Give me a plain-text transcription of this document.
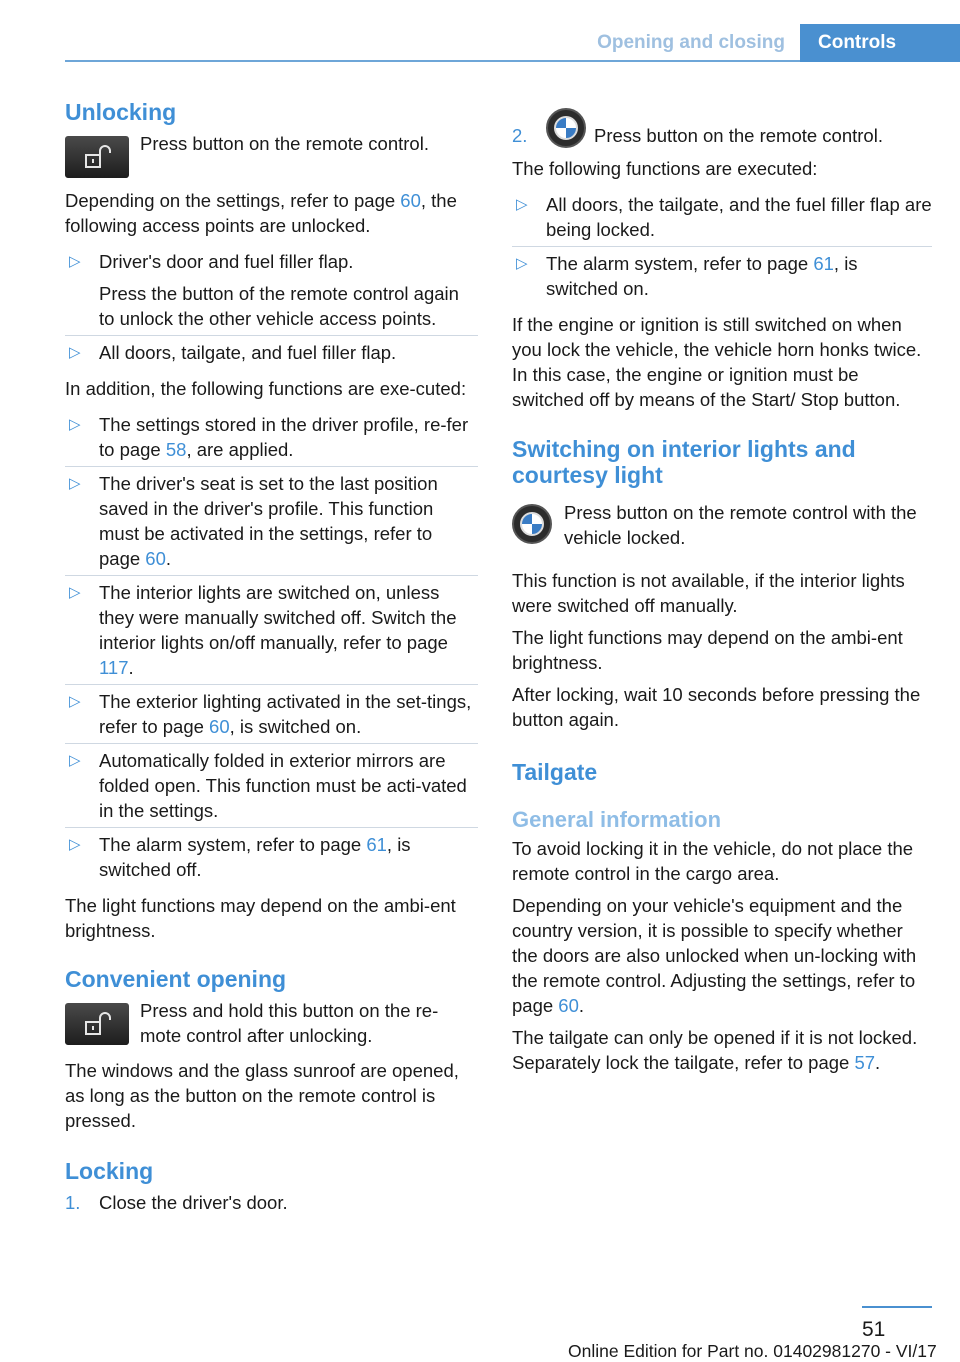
Opening and closing	Controls
Unlocking

Press button on the remote control.

Depending on the settings, refer to page 60, the following access points are unlocked.

▷ Driver's door and fuel filler flap.
Press the button of the remote control again to unlock the other vehicle access points.
▷ All doors, tailgate, and fuel filler flap.

In addition, the following functions are exe‐cuted:

▷ The settings stored in the driver profile, re‐fer to page 58, are applied.
▷ The driver's seat is set to the last position saved in the driver's profile. This function must be activated in the settings, refer to page 60.
▷ The interior lights are switched on, unless they were manually switched off. Switch the interior lights on/off manually, refer to page 117.
▷ The exterior lighting activated in the set‐tings, refer to page 60, is switched on.
▷ Automatically folded in exterior mirrors are folded open. This function must be acti‐vated in the settings.
▷ The alarm system, refer to page 61, is switched off.

The light functions may depend on the ambi‐ent brightness.

Convenient opening

Press and hold this button on the re‐mote control after unlocking.

The windows and the glass sunroof are opened, as long as the button on the remote control is pressed.

Locking
1. Close the driver's door.
2.	Press button on the remote control.

The following functions are executed:

▷ All doors, the tailgate, and the fuel filler flap are being locked.
▷ The alarm system, refer to page 61, is switched on.

If the engine or ignition is still switched on when you lock the vehicle, the vehicle horn honks twice. In this case, the engine or ignition must be switched off by means of the Start/ Stop button.

Switching on interior lights and courtesy light

Press button on the remote control with the vehicle locked.

This function is not available, if the interior lights were switched off manually.

The light functions may depend on the ambi‐ent brightness.

After locking, wait 10 seconds before pressing the button again.

Tailgate
General information

To avoid locking it in the vehicle, do not place the remote control in the cargo area.

Depending on your vehicle's equipment and the country version, it is possible to specify whether the doors are also unlocked when un‐locking with the remote control. Adjusting the settings, refer to page 60.

The tailgate can only be opened if it is not locked. Separately lock the tailgate, refer to page 57.

51
Online Edition for Part no. 01402981270 - VI/17
